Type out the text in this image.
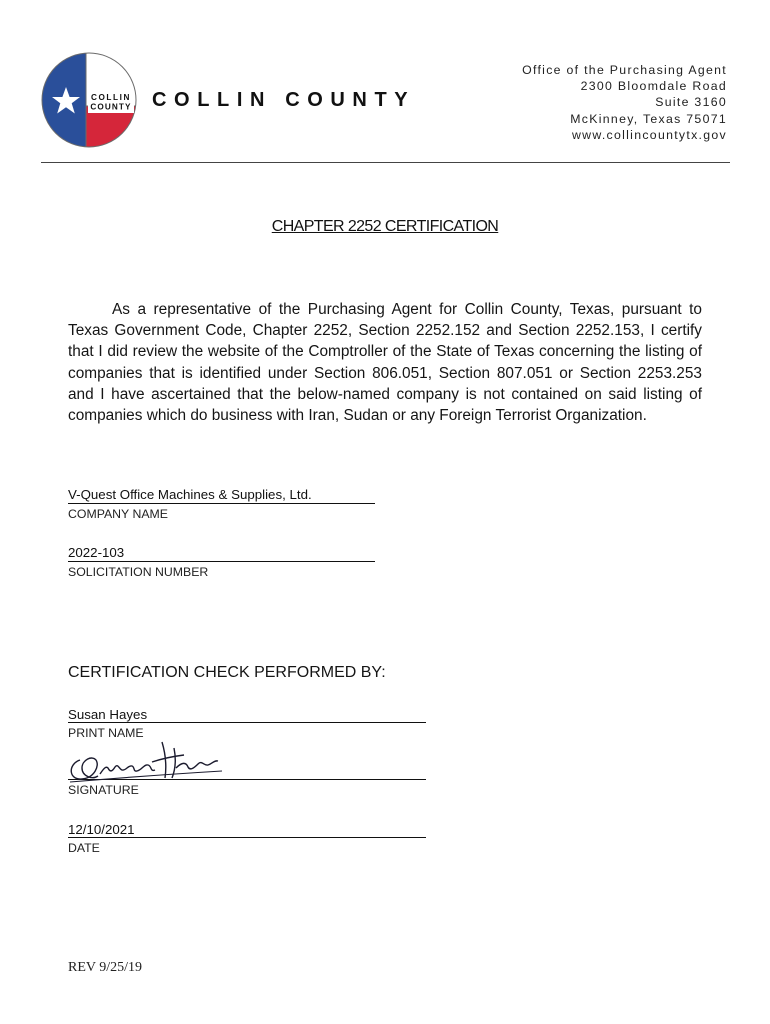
COLLIN
COUNTY COLLIN COUNTY
Office of the Purchasing Agent
2300 Bloomdale Road
Suite 3160
McKinney, Texas 75071
www.collincountytx.gov
CHAPTER 2252 CERTIFICATION
As a representative of the Purchasing Agent for Collin County, Texas, pursuant to Texas Government Code, Chapter 2252, Section 2252.152 and Section 2252.153, I certify that I did review the website of the Comptroller of the State of Texas concerning the listing of companies that is identified under Section 806.051, Section 807.051 or Section 2253.253 and I have ascertained that the below-named company is not contained on said listing of companies which do business with Iran, Sudan or any Foreign Terrorist Organization.
V-Quest Office Machines & Supplies, Ltd.
COMPANY NAME
2022-103
SOLICITATION NUMBER
CERTIFICATION CHECK PERFORMED BY:
Susan Hayes
PRINT NAME
SIGNATURE
12/10/2021
DATE
REV 9/25/19
